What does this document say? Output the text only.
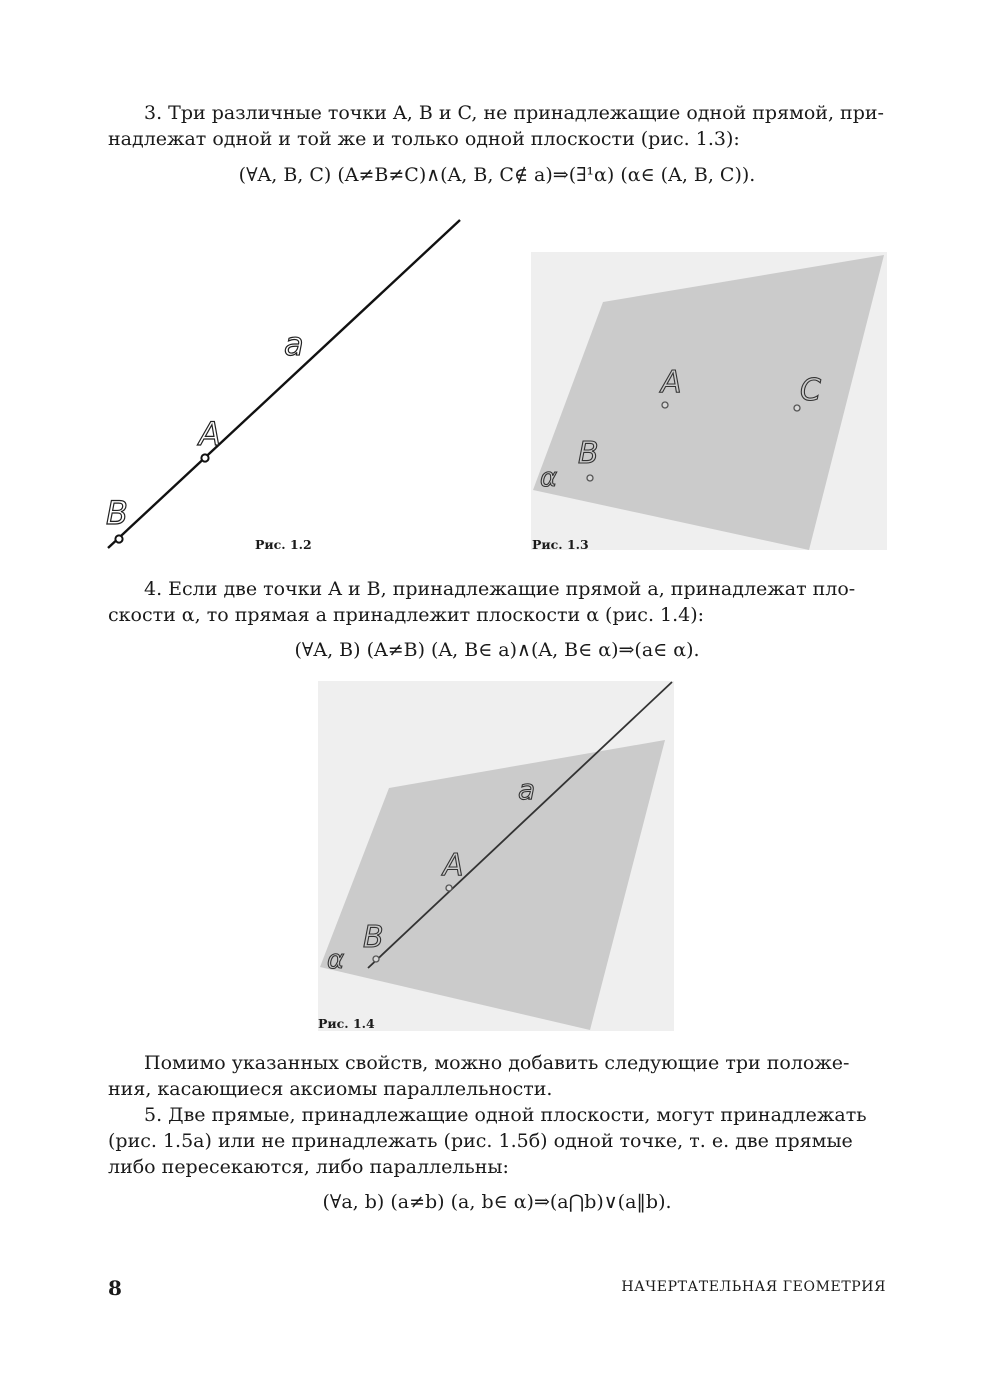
3. Три различные точки A, B и C, не принадлежащие одной прямой, при-
надлежат одной и той же и только одной плоскости (рис. 1.3):
(∀A, B, C) (A≠B≠C)∧(A, B, C∉ a)⇒(∃¹α) (α∈ (A, B, C)).
a
A
B
Рис. 1.2
A
B
C
α
Рис. 1.3
4. Если две точки A и B, принадлежащие прямой a, принадлежат пло-
скости α, то прямая a принадлежит плоскости α (рис. 1.4):
(∀A, B) (A≠B) (A, B∈ a)∧(A, B∈ α)⇒(a∈ α).
a
A
B
α
Рис. 1.4
Помимо указанных свойств, можно добавить следующие три положе-
ния, касающиеся аксиомы параллельности.
5. Две прямые, принадлежащие одной плоскости, могут принадлежать
(рис. 1.5а) или не принадлежать (рис. 1.5б) одной точке, т. е. две прямые
либо пересекаются, либо параллельны:
(∀a, b) (a≠b) (a, b∈ α)⇒(a⋂b)∨(a‖b).
8	НАЧЕРТАТЕЛЬНАЯ ГЕОМЕТРИЯ
